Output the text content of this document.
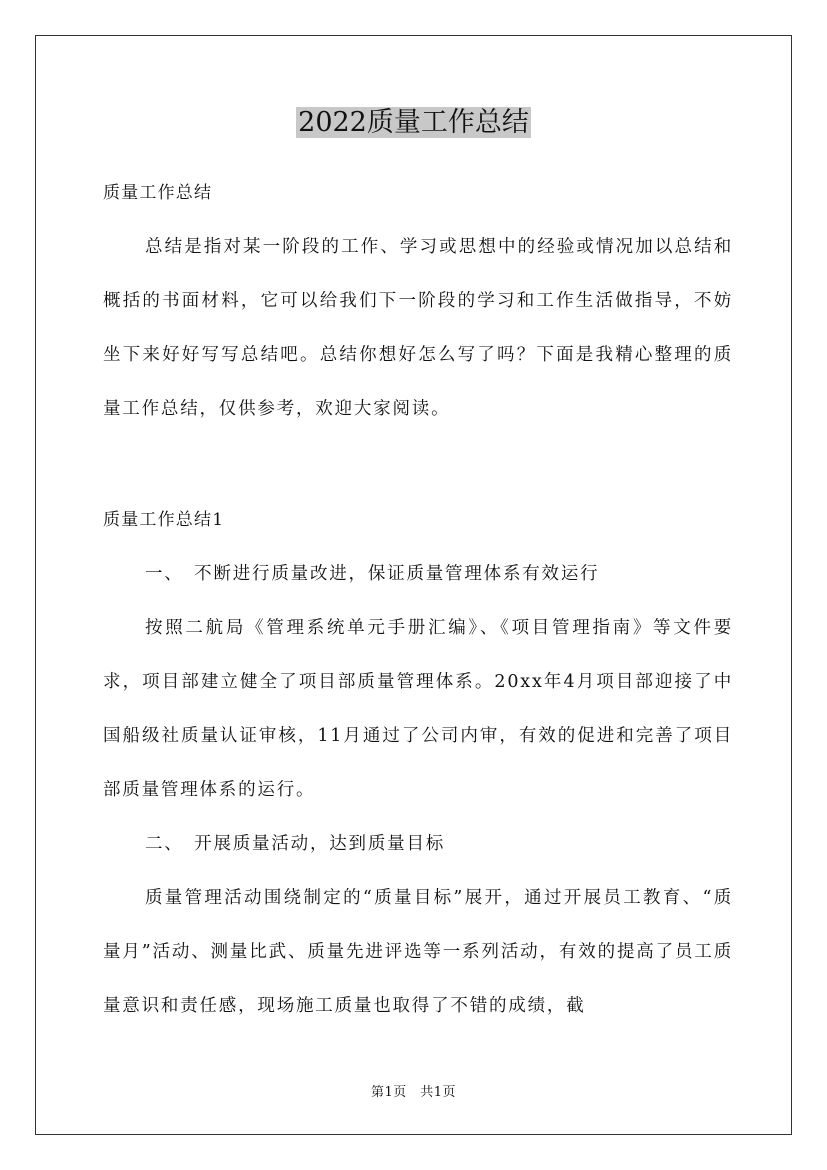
2022质量工作总结

质量工作总结

总结是指对某一阶段的工作、学习或思想中的经验或情况加以总结和概括的书面材料，它可以给我们下一阶段的学习和工作生活做指导，不妨坐下来好好写写总结吧。总结你想好怎么写了吗？下面是我精心整理的质量工作总结，仅供参考，欢迎大家阅读。

质量工作总结1

一、　不断进行质量改进，保证质量管理体系有效运行

按照二航局《管理系统单元手册汇编》、《项目管理指南》等文件要求，项目部建立健全了项目部质量管理体系。20xx年4月项目部迎接了中国船级社质量认证审核，11月通过了公司内审，有效的促进和完善了项目部质量管理体系的运行。

二、　开展质量活动，达到质量目标

质量管理活动围绕制定的“质量目标”展开，通过开展员工教育、“质量月”活动、测量比武、质量先进评选等一系列活动，有效的提高了员工质量意识和责任感，现场施工质量也取得了不错的成绩，截

第1页　共1页
